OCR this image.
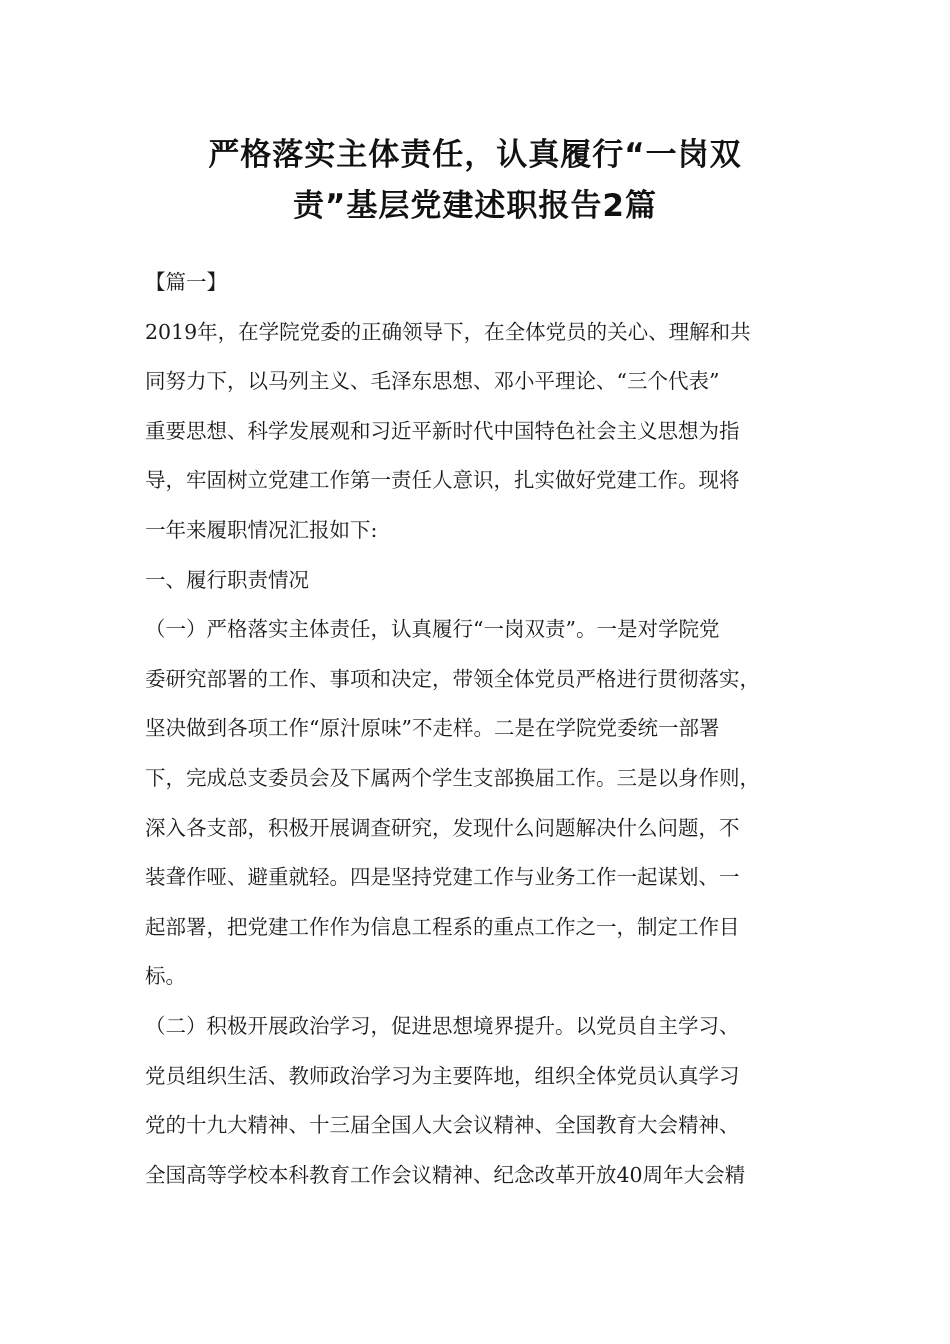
严格落实主体责任，认真履行“一岗双
责”基层党建述职报告2篇
【篇一】
2019年，在学院党委的正确领导下，在全体党员的关心、理解和共
同努力下，以马列主义、毛泽东思想、邓小平理论、“三个代表”
重要思想、科学发展观和习近平新时代中国特色社会主义思想为指
导，牢固树立党建工作第一责任人意识，扎实做好党建工作。现将
一年来履职情况汇报如下:
一、履行职责情况
（一）严格落实主体责任，认真履行“一岗双责”。一是对学院党
委研究部署的工作、事项和决定，带领全体党员严格进行贯彻落实，
坚决做到各项工作“原汁原味”不走样。二是在学院党委统一部署
下，完成总支委员会及下属两个学生支部换届工作。三是以身作则，
深入各支部，积极开展调查研究，发现什么问题解决什么问题，不
装聋作哑、避重就轻。四是坚持党建工作与业务工作一起谋划、一
起部署，把党建工作作为信息工程系的重点工作之一，制定工作目
标。
（二）积极开展政治学习，促进思想境界提升。以党员自主学习、
党员组织生活、教师政治学习为主要阵地，组织全体党员认真学习
党的十九大精神、十三届全国人大会议精神、全国教育大会精神、
全国高等学校本科教育工作会议精神、纪念改革开放40周年大会精
